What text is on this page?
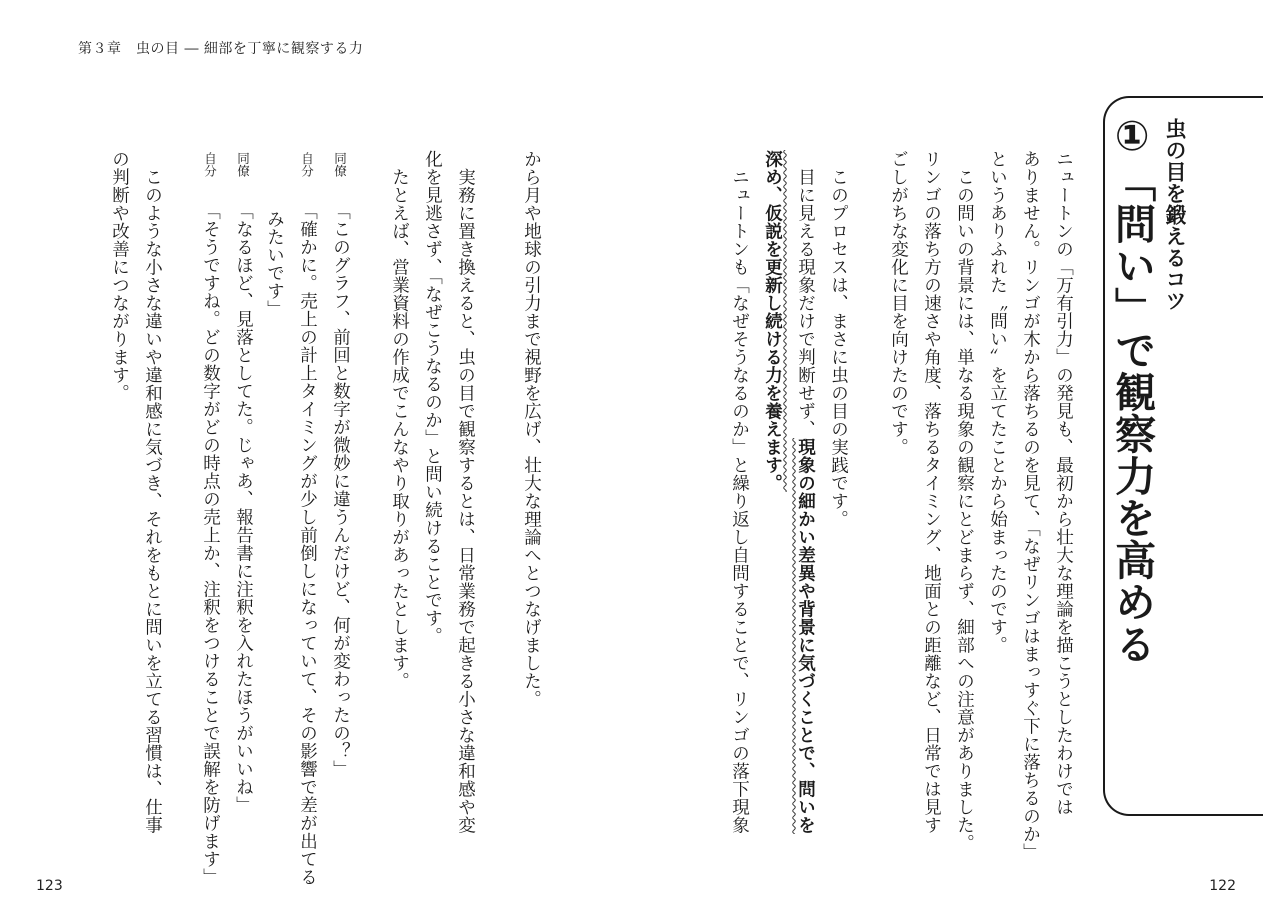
第３章　虫の目 ― 細部を丁寧に観察する力
虫の目を鍛えるコツ
①「問い」で観察力を高める
ニュートンの「万有引力」の発見も、最初から壮大な理論を描こうとしたわけでは
ありません。リンゴが木から落ちるのを見て、「なぜリンゴはまっすぐ下に落ちるのか」
というありふれた〝問い〟を立てたことから始まったのです。
この問いの背景には、単なる現象の観察にとどまらず、細部への注意がありました。
リンゴの落ち方の速さや角度、落ちるタイミング、地面との距離など、日常では見す
ごしがちな変化に目を向けたのです。
このプロセスは、まさに虫の目の実践です。
目に見える現象だけで判断せず、現象の細かい差異や背景に気づくことで、問いを
深め、仮説を更新し続ける力を養えます。
ニュートンも「なぜそうなるのか」と繰り返し自問することで、リンゴの落下現象
から月や地球の引力まで視野を広げ、壮大な理論へとつなげました。
実務に置き換えると、虫の目で観察するとは、日常業務で起きる小さな違和感や変
化を見逃さず、「なぜこうなるのか」と問い続けることです。
たとえば、営業資料の作成でこんなやり取りがあったとします。
同僚
「このグラフ、前回と数字が微妙に違うんだけど、何が変わったの？」
自分
「確かに。売上の計上タイミングが少し前倒しになっていて、その影響で差が出てる
みたいです」
同僚
「なるほど、見落としてた。じゃあ、報告書に注釈を入れたほうがいいね」
自分
「そうですね。どの数字がどの時点の売上か、注釈をつけることで誤解を防げます」
このような小さな違いや違和感に気づき、それをもとに問いを立てる習慣は、仕事
の判断や改善につながります。
123	122
